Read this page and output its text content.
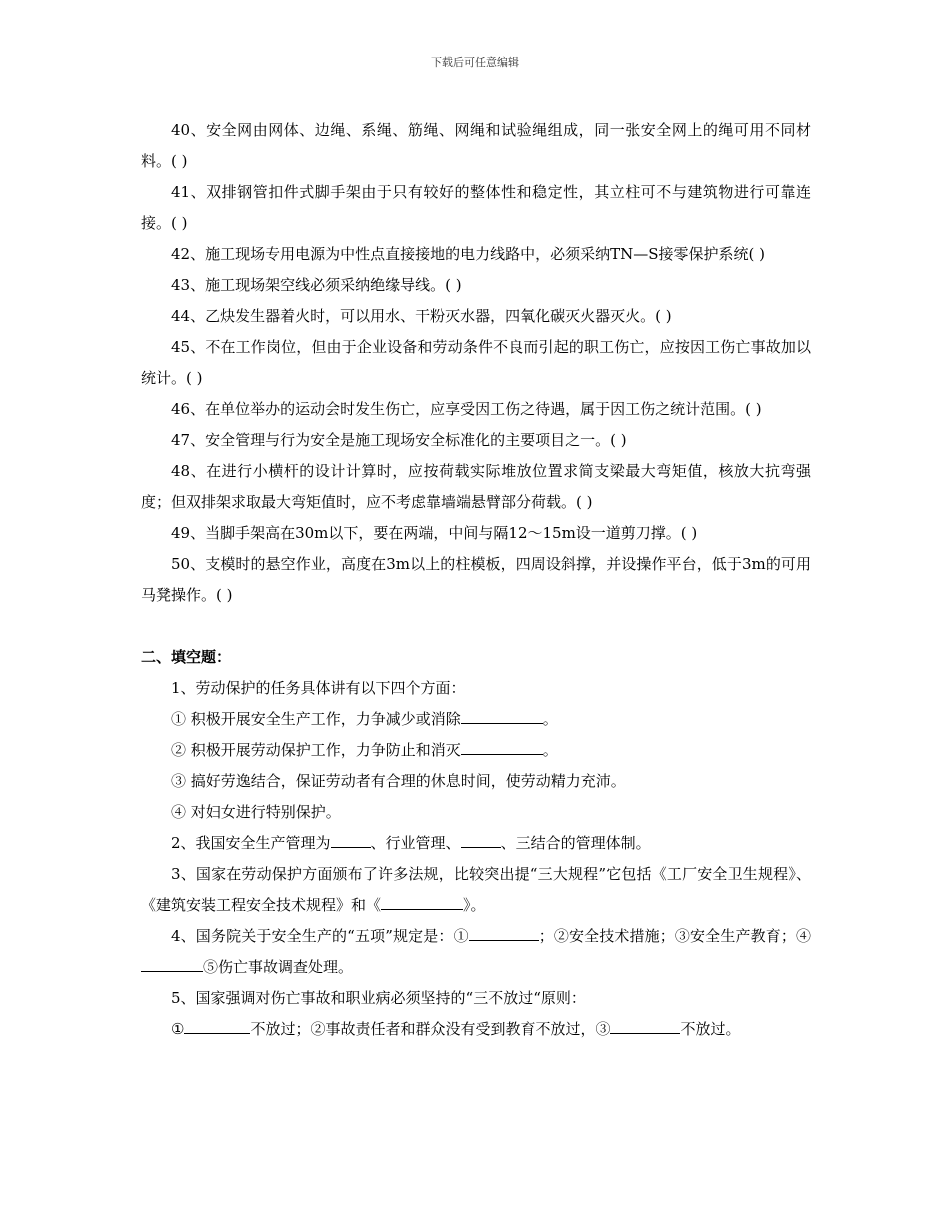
下载后可任意编辑

40、安全网由网体、边绳、系绳、筋绳、网绳和试验绳组成，同一张安全网上的绳可用不同材料。( )

41、双排钢管扣件式脚手架由于只有较好的整体性和稳定性，其立柱可不与建筑物进行可靠连接。( )

42、施工现场专用电源为中性点直接接地的电力线路中，必须采纳TN—S接零保护系统( )

43、施工现场架空线必须采纳绝缘导线。( )

44、乙炔发生器着火时，可以用水、干粉灭水器，四氧化碳灭火器灭火。( )

45、不在工作岗位，但由于企业设备和劳动条件不良而引起的职工伤亡，应按因工伤亡事故加以统计。( )

46、在单位举办的运动会时发生伤亡，应享受因工伤之待遇，属于因工伤之统计范围。( )

47、安全管理与行为安全是施工现场安全标准化的主要项目之一。( )

48、在进行小横杆的设计计算时，应按荷载实际堆放位置求简支梁最大弯矩值，核放大抗弯强度；但双排架求取最大弯矩值时，应不考虑靠墙端悬臂部分荷载。( )

49、当脚手架高在30m以下，要在两端，中间与隔12～15m设一道剪刀撑。( )

50、支模时的悬空作业，高度在3m以上的柱模板，四周设斜撑，并设操作平台，低于3m的可用马凳操作。( )

二、填空题：

1、劳动保护的任务具体讲有以下四个方面：

① 积极开展安全生产工作，力争减少或消除	。

② 积极开展劳动保护工作，力争防止和消灭	。

③ 搞好劳逸结合，保证劳动者有合理的休息时间，使劳动精力充沛。

④ 对妇女进行特别保护。

2、我国安全生产管理为	、行业管理、	、三结合的管理体制。

3、国家在劳动保护方面颁布了许多法规，比较突出提“三大规程”它包括《工厂安全卫生规程》、《建筑安装工程安全技术规程》和《	》。

4、国务院关于安全生产的“五项”规定是：①	；②安全技术措施；③安全生产教育；④⑤伤亡事故调查处理。

5、国家强调对伤亡事故和职业病必须坚持的“三不放过“原则：

①	不放过；②事故责任者和群众没有受到教育不放过，③	不放过。
